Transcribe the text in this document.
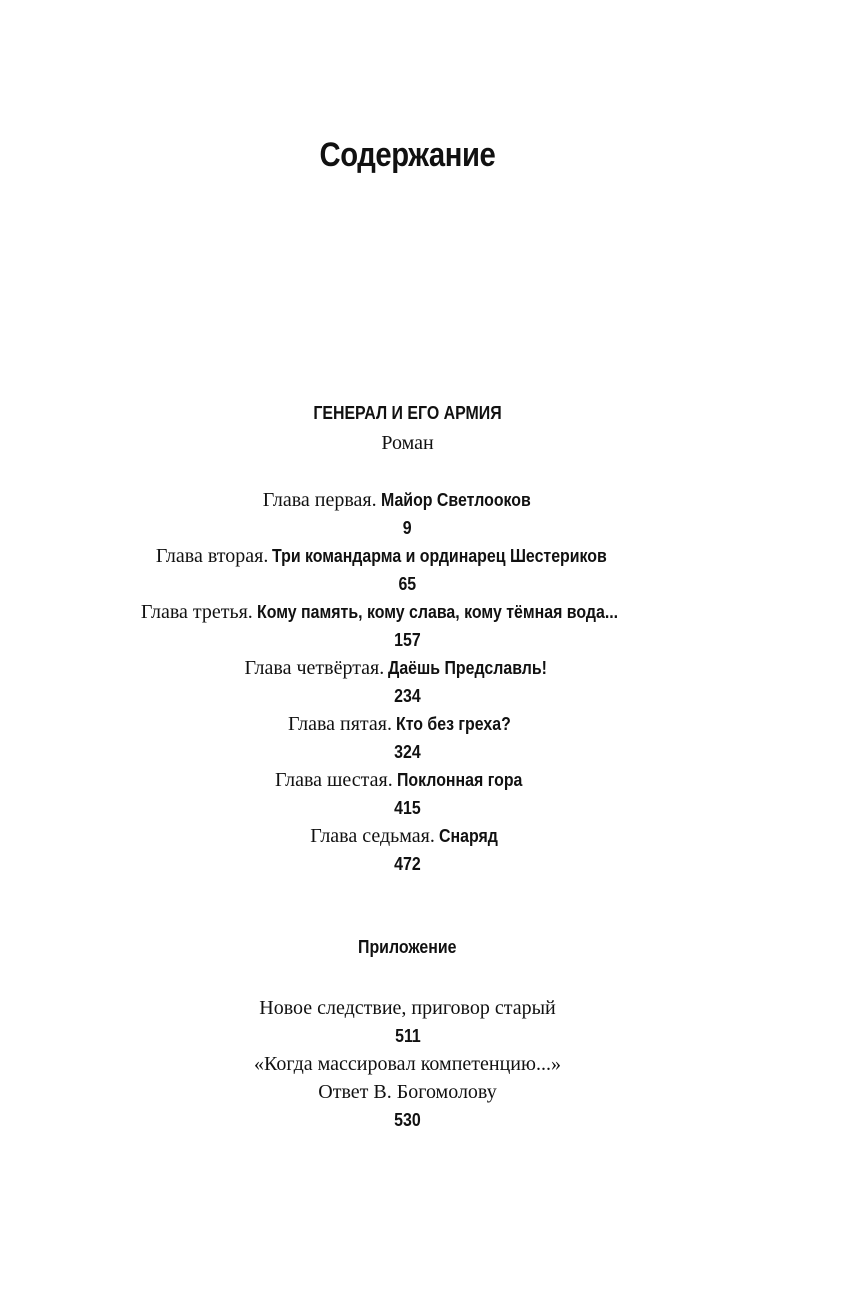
Содержание
ГЕНЕРАЛ И ЕГО АРМИЯ
Роман
Глава первая. Майор Светлооков
9
Глава вторая. Три командарма и ординарец Шестериков
65
Глава третья. Кому память, кому слава, кому тёмная вода...
157
Глава четвёртая. Даёшь Предславль!
234
Глава пятая. Кто без греха?
324
Глава шестая. Поклонная гора
415
Глава седьмая. Снаряд
472
Приложение
Новое следствие, приговор старый
511
«Когда массировал компетенцию...»
Ответ В. Богомолову
530
